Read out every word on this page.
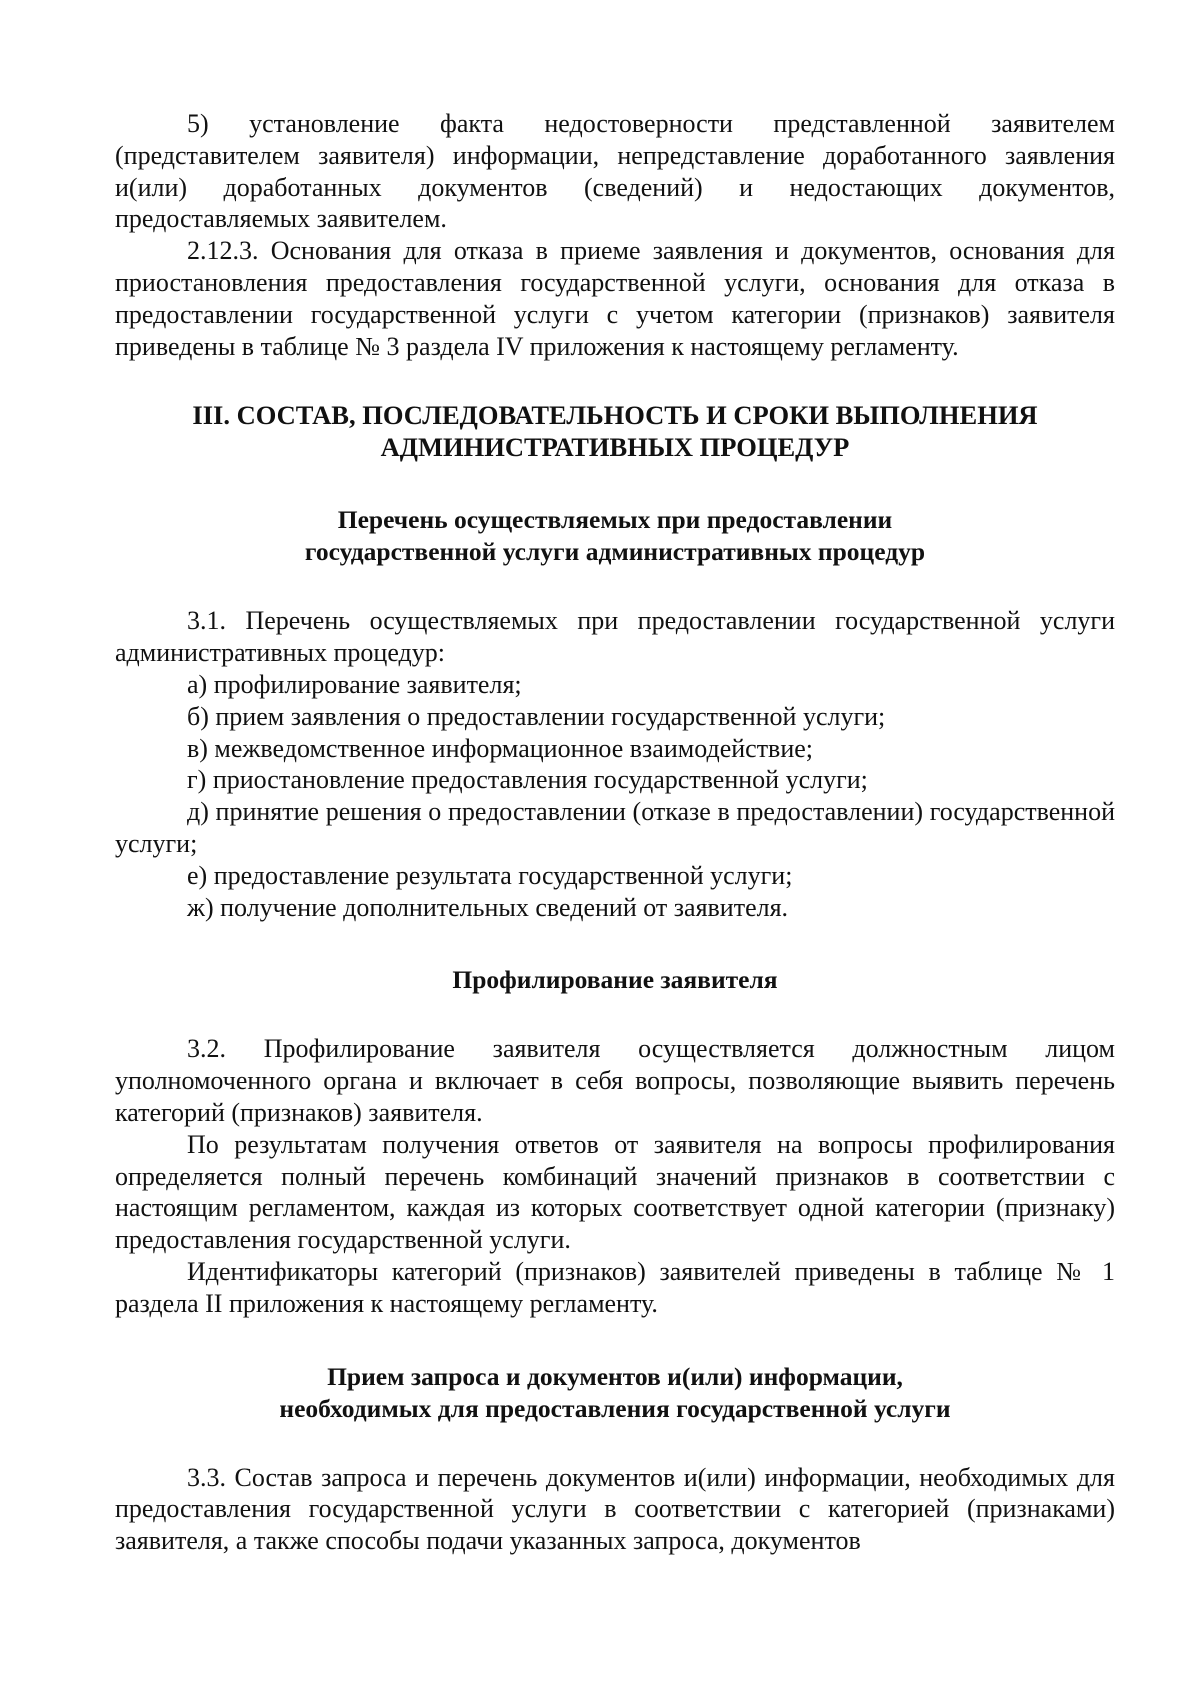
5) установление факта недостоверности представленной заявителем (представителем заявителя) информации, непредставление доработанного заявления и(или) доработанных документов (сведений) и недостающих документов, предоставляемых заявителем.

2.12.3. Основания для отказа в приеме заявления и документов, основания для приостановления предоставления государственной услуги, основания для отказа в предоставлении государственной услуги с учетом категории (признаков) заявителя приведены в таблице № 3 раздела IV приложения к настоящему регламенту.

III. СОСТАВ, ПОСЛЕДОВАТЕЛЬНОСТЬ И СРОКИ ВЫПОЛНЕНИЯ
АДМИНИСТРАТИВНЫХ ПРОЦЕДУР
Перечень осуществляемых при предоставлении
государственной услуги административных процедур

3.1. Перечень осуществляемых при предоставлении государственной услуги административных процедур:

а) профилирование заявителя;

б) прием заявления о предоставлении государственной услуги;

в) межведомственное информационное взаимодействие;

г) приостановление предоставления государственной услуги;

д) принятие решения о предоставлении (отказе в предоставлении) государственной услуги;

е) предоставление результата государственной услуги;

ж) получение дополнительных сведений от заявителя.

Профилирование заявителя

3.2. Профилирование заявителя осуществляется должностным лицом уполномоченного органа и включает в себя вопросы, позволяющие выявить перечень категорий (признаков) заявителя.

По результатам получения ответов от заявителя на вопросы профилирования определяется полный перечень комбинаций значений признаков в соответствии с настоящим регламентом, каждая из которых соответствует одной категории (признаку) предоставления государственной услуги.

Идентификаторы категорий (признаков) заявителей приведены в таблице № 1 раздела II приложения к настоящему регламенту.

Прием запроса и документов и(или) информации,
необходимых для предоставления государственной услуги

3.3. Состав запроса и перечень документов и(или) информации, необходимых для предоставления государственной услуги в соответствии с категорией (признаками) заявителя, а также способы подачи указанных запроса, документов
